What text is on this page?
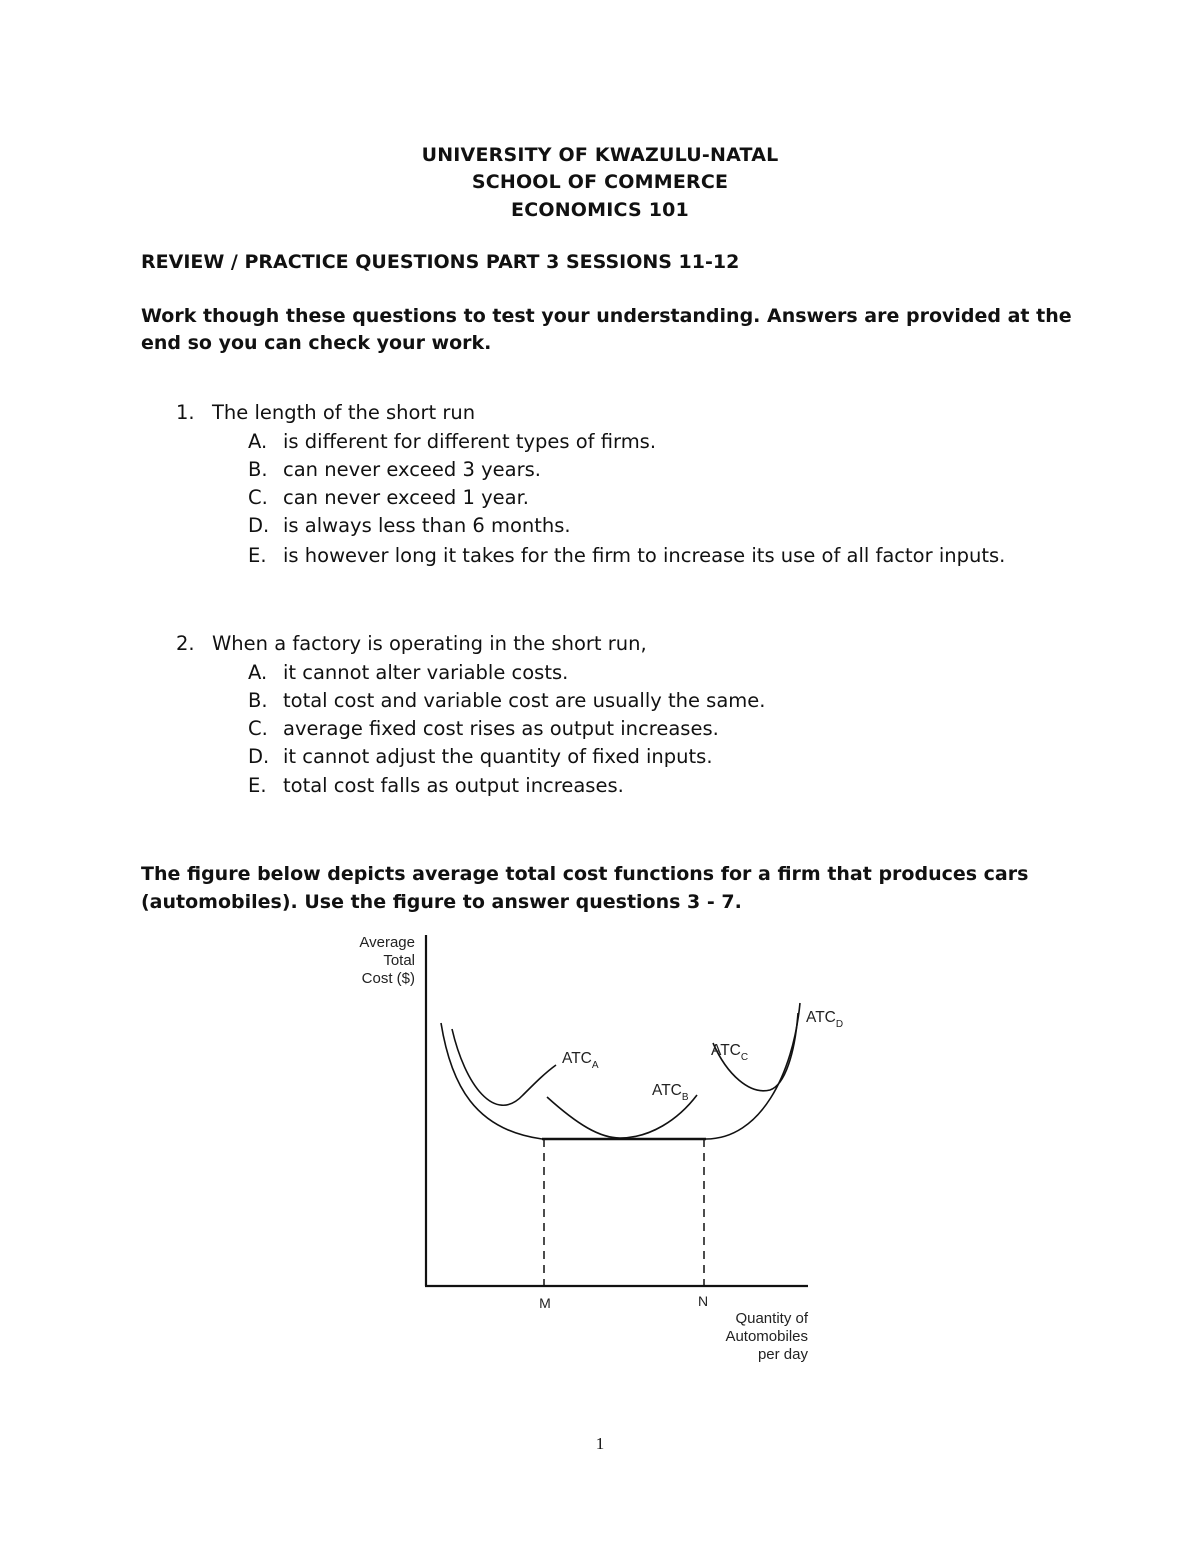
UNIVERSITY OF KWAZULU-NATAL
SCHOOL OF COMMERCE
ECONOMICS 101
REVIEW / PRACTICE QUESTIONS PART 3 SESSIONS 11-12
Work though these questions to test your understanding. Answers are provided at the
end so you can check your work.
1. The length of the short run
A. is different for different types of firms.
B. can never exceed 3 years.
C. can never exceed 1 year.
D. is always less than 6 months.
E. is however long it takes for the firm to increase its use of all factor inputs.
2. When a factory is operating in the short run,
A. it cannot alter variable costs.
B. total cost and variable cost are usually the same.
C. average fixed cost rises as output increases.
D. it cannot adjust the quantity of fixed inputs.
E. total cost falls as output increases.
The figure below depicts average total cost functions for a firm that produces cars
(automobiles). Use the figure to answer questions 3 - 7.
Average
Total
Cost ($)
Quantity of
Automobiles
per day
M	N
$ATC_A$
$ATC_B$
$ATC_C$
$ATC_D$
1
